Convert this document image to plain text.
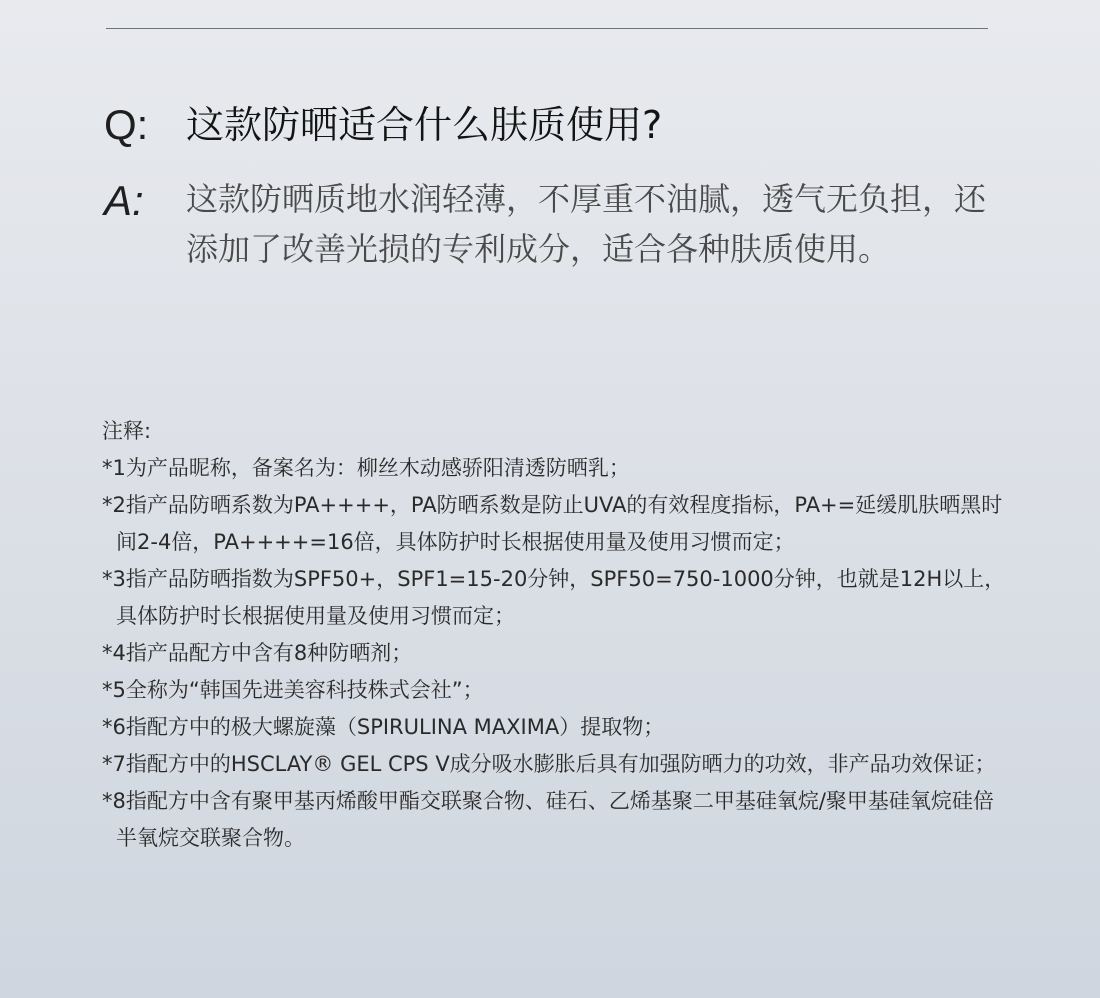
Q: 这款防晒适合什么肤质使用?
A:	这款防晒质地水润轻薄，不厚重不油腻，透气无负担，还添加了改善光损的专利成分，适合各种肤质使用。
注释:
*1为产品昵称，备案名为：柳丝木动感骄阳清透防晒乳；
*2指产品防晒系数为PA++++，PA防晒系数是防止UVA的有效程度指标，PA+=延缓肌肤晒黑时间2-4倍，PA++++=16倍，具体防护时长根据使用量及使用习惯而定；
*3指产品防晒指数为SPF50+，SPF1=15-20分钟，SPF50=750-1000分钟，也就是12H以上，具体防护时长根据使用量及使用习惯而定；
*4指产品配方中含有8种防晒剂；
*5全称为“韩国先进美容科技株式会社”；
*6指配方中的极大螺旋藻（SPIRULINA MAXIMA）提取物；
*7指配方中的HSCLAY® GEL CPS V成分吸水膨胀后具有加强防晒力的功效，非产品功效保证；
*8指配方中含有聚甲基丙烯酸甲酯交联聚合物、硅石、乙烯基聚二甲基硅氧烷/聚甲基硅氧烷硅倍半氧烷交联聚合物。
